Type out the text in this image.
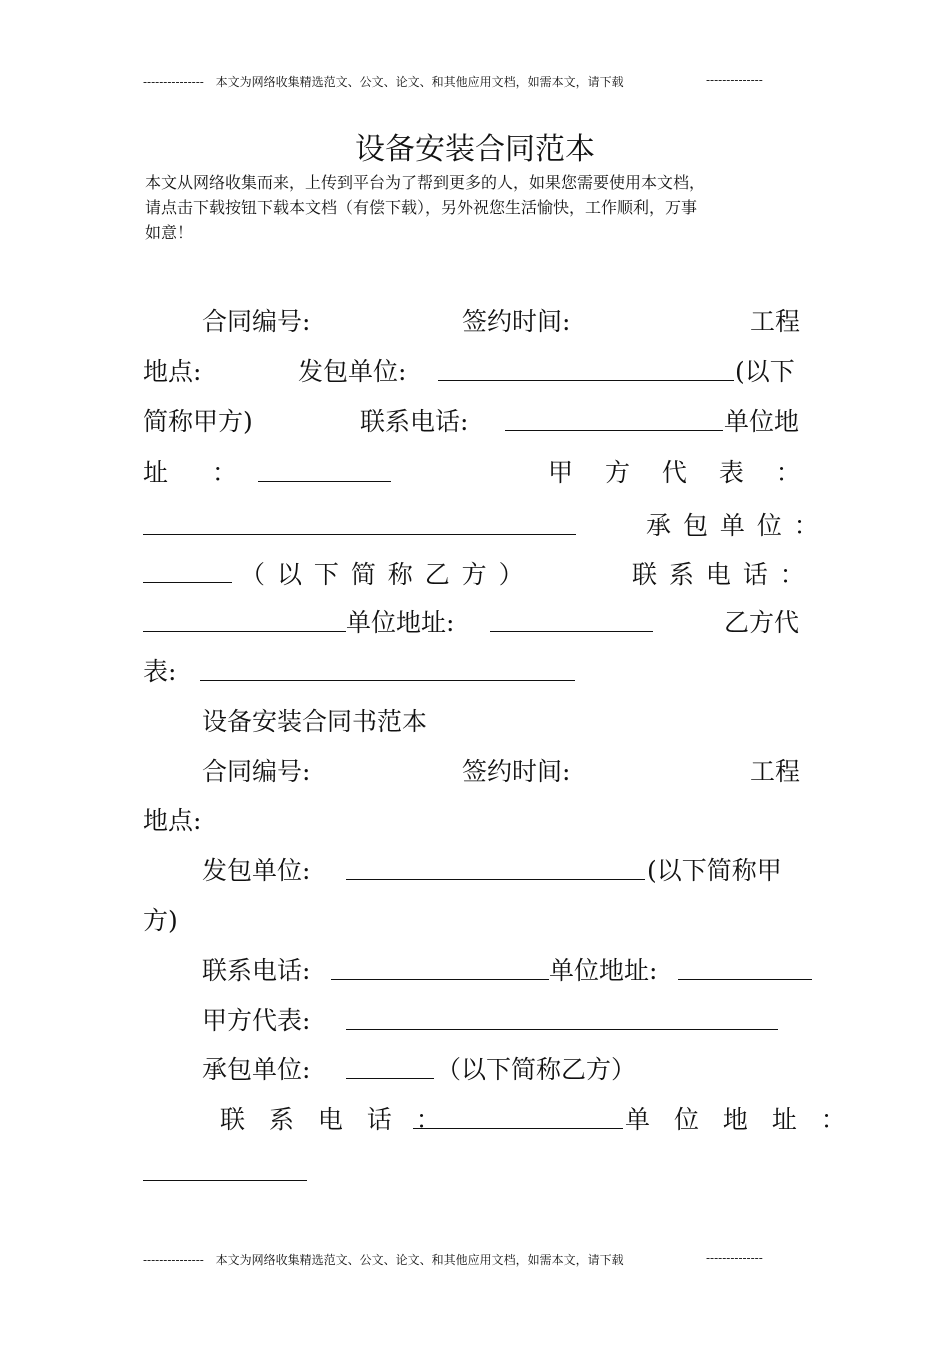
--------------- 本文为网络收集精选范文、公文、论文、和其他应用文档，如需本文，请下载	--------------
设备安装合同范本
本文从网络收集而来，上传到平台为了帮到更多的人，如果您需要使用本文档，
请点击下载按钮下载本文档（有偿下载），另外祝您生活愉快，工作顺利，万事
如意！
合同编号:	签约时间:	工程
地点:	发包单位:	(以下
简称甲方)	联系电话:	单位地
址 ：	甲 方 代 表 ：
承 包 单 位 ：
（ 以 下 简 称 乙 方 ）	联 系 电 话 ：
单位地址:	乙方代
表:
设备安装合同书范本
合同编号:	签约时间:	工程
地点:
发包单位:	(以下简称甲
方)
联系电话:	单位地址:
甲方代表:
承包单位:	（以下简称乙方）
联 系 电 话 ：	单 位 地 址 ：
--------------- 本文为网络收集精选范文、公文、论文、和其他应用文档，如需本文，请下载	--------------
